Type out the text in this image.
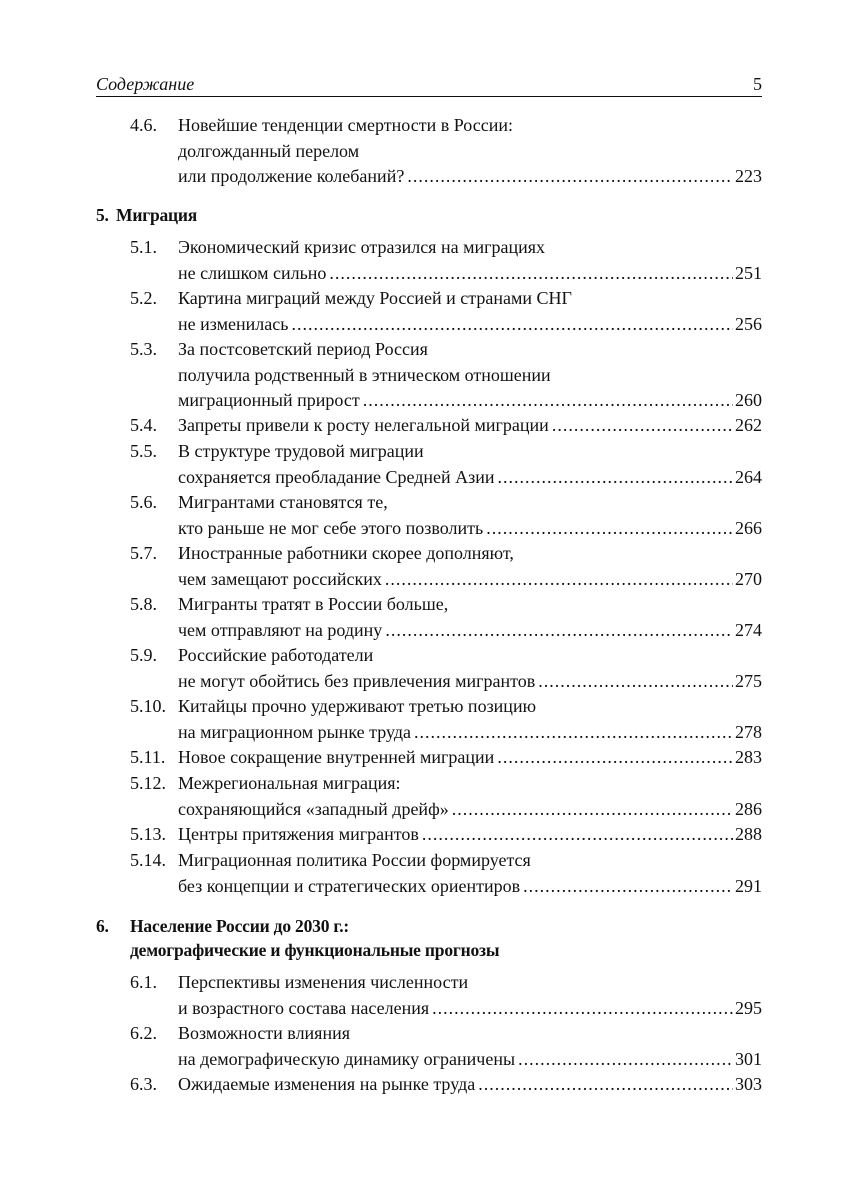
Содержание	5
4.6. Новейшие тенденции смертности в России:
долгожданный перелом
или продолжение колебаний? .....	223
5. Миграция
5.1. Экономический кризис отразился на миграциях
не слишком сильно .....	251
5.2. Картина миграций между Россией и странами СНГ
не изменилась .....	256
5.3. За постсоветский период Россия
получила родственный в этническом отношении
миграционный прирост .....	260
5.4. Запреты привели к росту нелегальной миграции .....	262
5.5. В структуре трудовой миграции
сохраняется преобладание Средней Азии .....	264
5.6. Мигрантами становятся те,
кто раньше не мог себе этого позволить .....	266
5.7. Иностранные работники скорее дополняют,
чем замещают российских .....	270
5.8. Мигранты тратят в России больше,
чем отправляют на родину .....	274
5.9. Российские работодатели
не могут обойтись без привлечения мигрантов .....	275
5.10. Китайцы прочно удерживают третью позицию
на миграционном рынке труда .....	278
5.11. Новое сокращение внутренней миграции .....	283
5.12. Межрегиональная миграция:
сохраняющийся «западный дрейф» .....	286
5.13. Центры притяжения мигрантов .....	288
5.14. Миграционная политика России формируется
без концепции и стратегических ориентиров .....	291
6. Население России до 2030 г.:
демографические и функциональные прогнозы
6.1. Перспективы изменения численности
и возрастного состава населения .....	295
6.2. Возможности влияния
на демографическую динамику ограничены .....	301
6.3. Ожидаемые изменения на рынке труда .....	303
